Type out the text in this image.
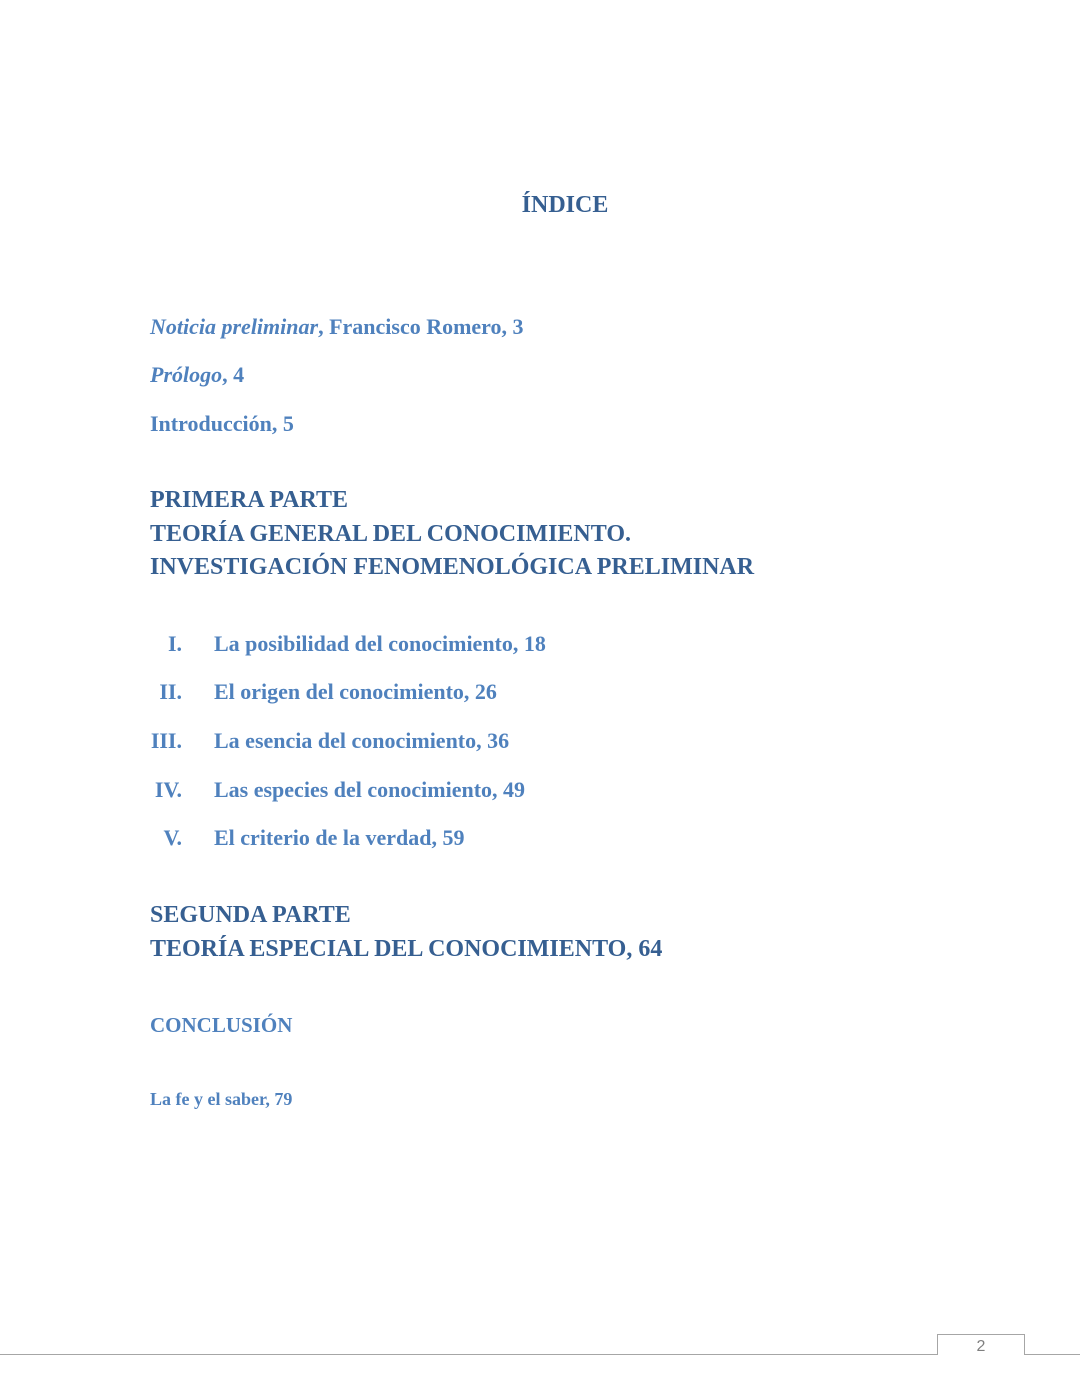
ÍNDICE
Noticia preliminar, Francisco Romero, 3
Prólogo, 4
Introducción, 5
PRIMERA PARTE
TEORÍA GENERAL DEL CONOCIMIENTO.
INVESTIGACIÓN FENOMENOLÓGICA PRELIMINAR
I. La posibilidad del conocimiento, 18
II. El origen del conocimiento, 26
III. La esencia del conocimiento, 36
IV. Las especies del conocimiento, 49
V. El criterio de la verdad, 59
SEGUNDA PARTE
TEORÍA ESPECIAL DEL CONOCIMIENTO, 64
CONCLUSIÓN
La fe y el saber, 79
2
